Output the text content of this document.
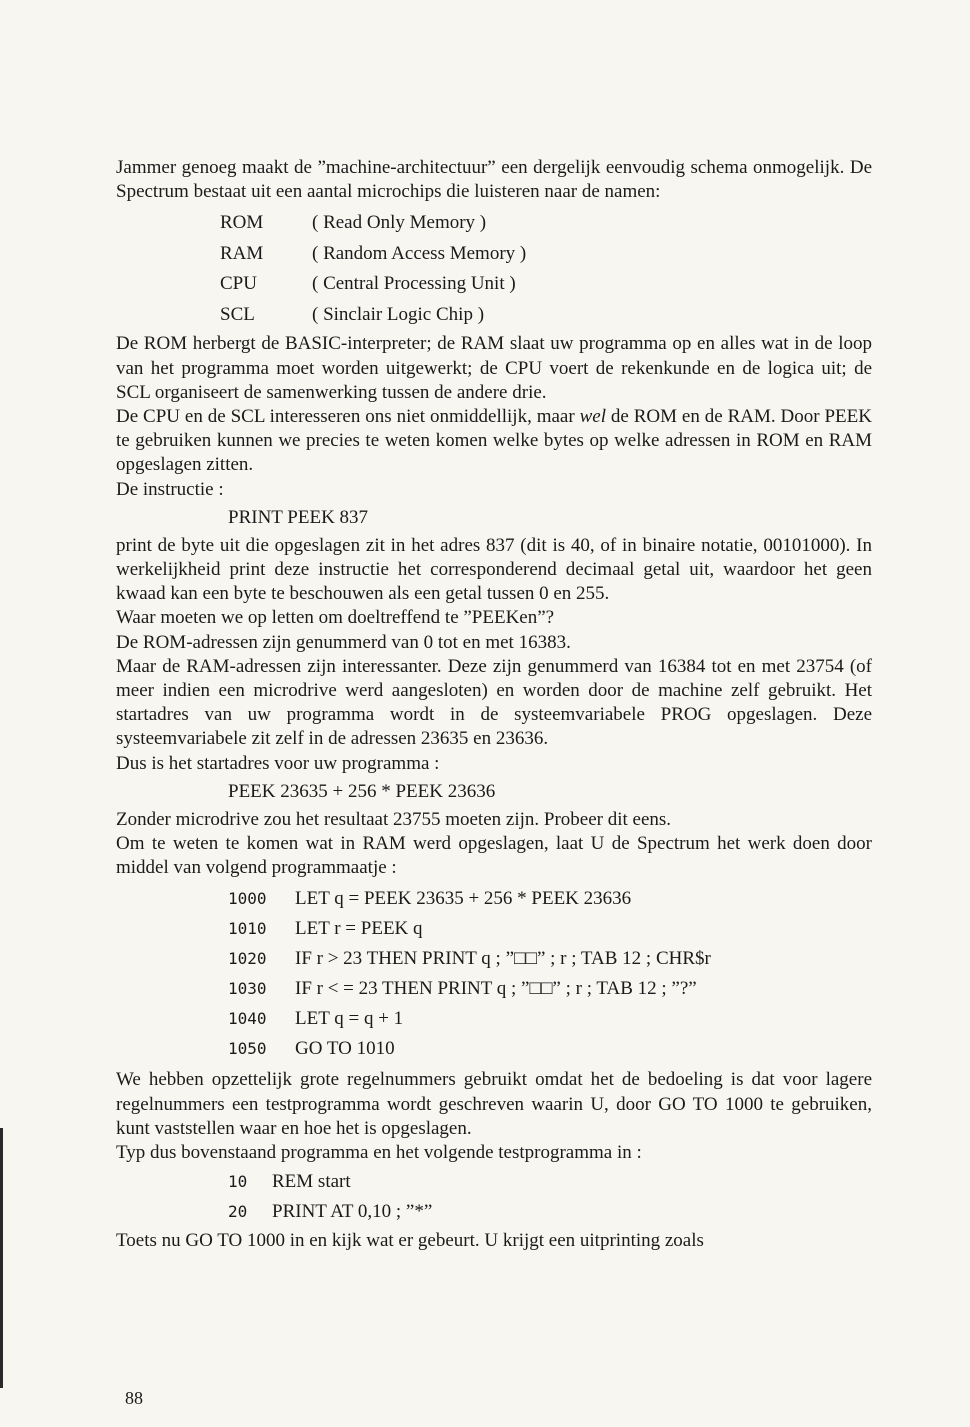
Jammer genoeg maakt de ”machine-architectuur” een dergelijk eenvoudig schema onmogelijk. De Spectrum bestaat uit een aantal microchips die luisteren naar de namen:

ROM	( Read Only Memory )
RAM	( Random Access Memory )
CPU	( Central Processing Unit )
SCL	( Sinclair Logic Chip )

De ROM herbergt de BASIC-interpreter; de RAM slaat uw programma op en alles wat in de loop van het programma moet worden uitgewerkt; de CPU voert de rekenkunde en de logica uit; de SCL organiseert de samenwerking tussen de andere drie.

De CPU en de SCL interesseren ons niet onmiddellijk, maar wel de ROM en de RAM. Door PEEK te gebruiken kunnen we precies te weten komen welke bytes op welke adressen in ROM en RAM opgeslagen zitten.

De instructie :

PRINT PEEK 837

print de byte uit die opgeslagen zit in het adres 837 (dit is 40, of in binaire notatie, 00101000). In werkelijkheid print deze instructie het corresponderend decimaal getal uit, waardoor het geen kwaad kan een byte te beschouwen als een getal tussen 0 en 255.

Waar moeten we op letten om doeltreffend te ”PEEKen”?

De ROM-adressen zijn genummerd van 0 tot en met 16383.

Maar de RAM-adressen zijn interessanter. Deze zijn genummerd van 16384 tot en met 23754 (of meer indien een microdrive werd aangesloten) en worden door de machine zelf gebruikt. Het startadres van uw programma wordt in de systeemvariabele PROG opgeslagen. Deze systeemvariabele zit zelf in de adressen 23635 en 23636.

Dus is het startadres voor uw programma :

PEEK 23635 + 256 * PEEK 23636

Zonder microdrive zou het resultaat 23755 moeten zijn. Probeer dit eens.

Om te weten te komen wat in RAM werd opgeslagen, laat U de Spectrum het werk doen door middel van volgend programmaatje :

1000	LET q = PEEK 23635 + 256 * PEEK 23636
1010	LET r = PEEK q
1020	IF r > 23 THEN PRINT q ; ”□□” ; r ; TAB 12 ; CHR$r
1030	IF r < = 23 THEN PRINT q ; ”□□” ; r ; TAB 12 ; ”?”
1040	LET q = q + 1
1050	GO TO 1010

We hebben opzettelijk grote regelnummers gebruikt omdat het de bedoeling is dat voor lagere regelnummers een testprogramma wordt geschreven waarin U, door GO TO 1000 te gebruiken, kunt vaststellen waar en hoe het is opgeslagen.

Typ dus bovenstaand programma en het volgende testprogramma in :

10	REM start
20	PRINT AT 0,10 ; ”*”

Toets nu GO TO 1000 in en kijk wat er gebeurt. U krijgt een uitprinting zoals

88
